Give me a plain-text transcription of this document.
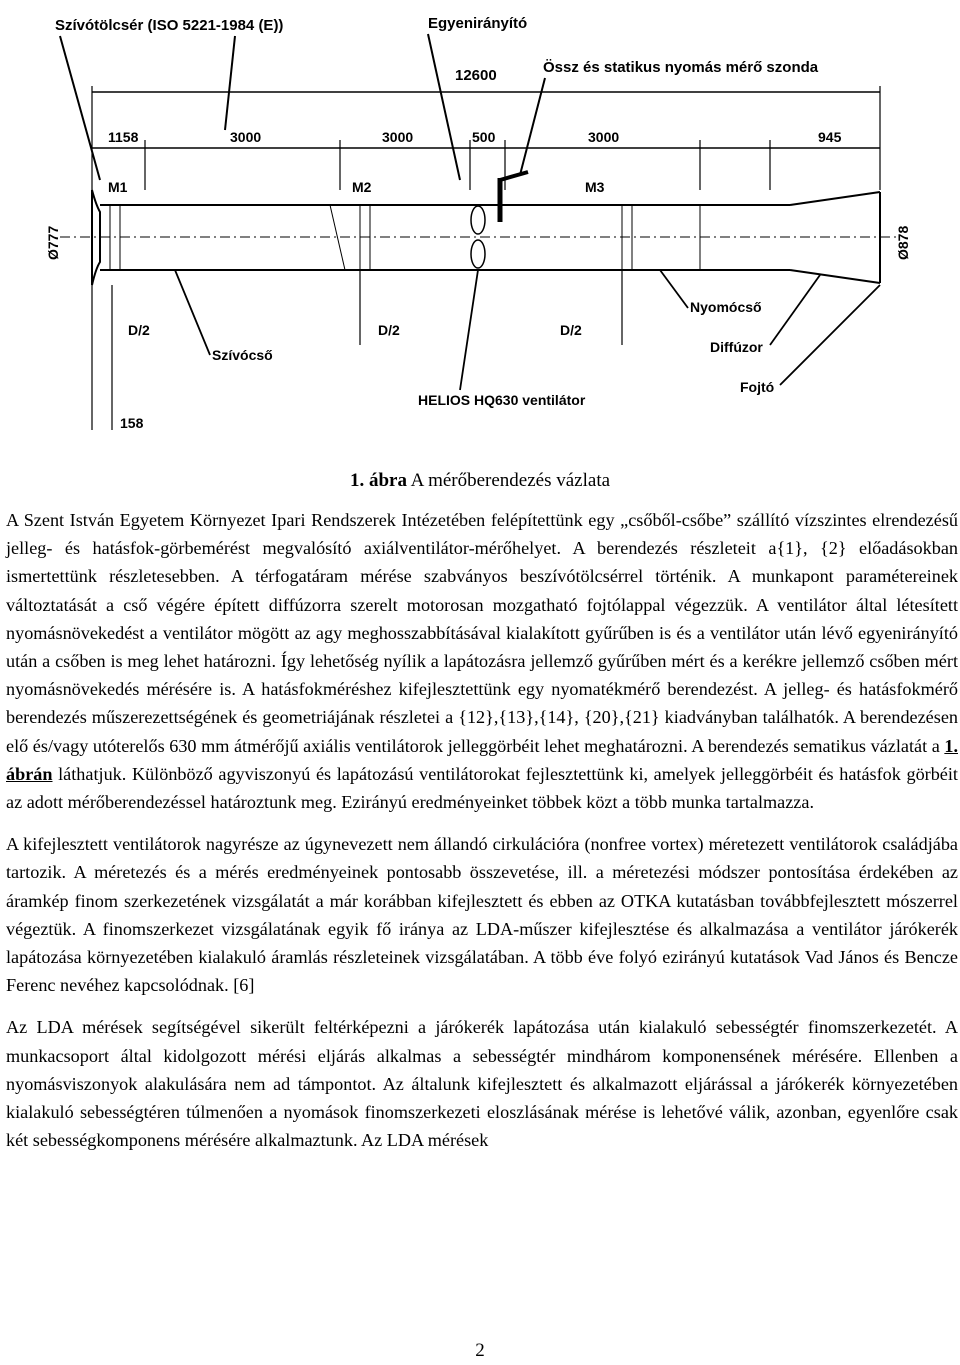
Szívótölcsér (ISO 5221-1984 (E))	Egyenirányító
Össz és statikus nyomás mérő szonda
12600
1158	3000	3000	500	3000	945
M1	M2	M3
Ø777	Ø878
D/2	D/2	D/2
Szívócső
Nyomócső
Diffúzor
Fojtó
HELIOS HQ630 ventilátor
158
1. ábra A mérőberendezés vázlata

A Szent István Egyetem Környezet Ipari Rendszerek Intézetében felépítettünk egy „csőből-csőbe” szállító vízszintes elrendezésű jelleg- és hatásfok-görbemérést megvalósító axiálventilátor-mérőhelyet. A berendezés részleteit a{1}, {2} előadásokban ismertettünk részletesebben. A térfogatáram mérése szabványos beszívótölcsérrel történik. A munkapont paramétereinek változtatását a cső végére épített diffúzorra szerelt motorosan mozgatható fojtólappal végezzük. A ventilátor által létesített nyomásnövekedést a ventilátor mögött az agy meghosszabbításával kialakított gyűrűben is és a ventilátor után lévő egyenirányító után a csőben is meg lehet határozni. Így lehetőség nyílik a lapátozásra jellemző gyűrűben mért és a kerékre jellemző csőben mért nyomásnövekedés mérésére is. A hatásfokméréshez kifejlesztettünk egy nyomatékmérő berendezést. A jelleg- és hatásfokmérő berendezés műszerezettségének és geometriájának részletei a {12},{13},{14}, {20},{21} kiadványban találhatók. A berendezésen elő és/vagy utóterelős 630 mm átmérőjű axiális ventilátorok jelleggörbéit lehet meghatározni. A berendezés sematikus vázlatát a 1. ábrán láthatjuk. Különböző agyviszonyú és lapátozású ventilátorokat fejlesztettünk ki, amelyek jelleggörbéit és hatásfok görbéit az adott mérőberendezéssel határoztunk meg. Ezirányú eredményeinket többek közt a több munka tartalmazza.

A kifejlesztett ventilátorok nagyrésze az úgynevezett nem állandó cirkulációra (nonfree vortex) méretezett ventilátorok családjába tartozik. A méretezés és a mérés eredményeinek pontosabb összevetése, ill. a méretezési módszer pontosítása érdekében az áramkép finom szerkezetének vizsgálatát a már korábban kifejlesztett és ebben az OTKA kutatásban továbbfejlesztett mószerrel végeztük. A finomszerkezet vizsgálatának egyik fő iránya az LDA-műszer kifejlesztése és alkalmazása a ventilátor járókerék lapátozása környezetében kialakuló áramlás részleteinek vizsgálatában. A több éve folyó ezirányú kutatások Vad János és Bencze Ferenc nevéhez kapcsolódnak. [6]

Az LDA mérések segítségével sikerült feltérképezni a járókerék lapátozása után kialakuló sebességtér finomszerkezetét. A munkacsoport által kidolgozott mérési eljárás alkalmas a sebességtér mindhárom komponensének mérésére. Ellenben a nyomásviszonyok alakulására nem ad támpontot. Az általunk kifejlesztett és alkalmazott eljárással a járókerék környezetében kialakuló sebességtéren túlmenően a nyomások finomszerkezeti eloszlásának mérése is lehetővé válik, azonban, egyenlőre csak két sebességkomponens mérésére alkalmaztunk. Az LDA mérések

2
